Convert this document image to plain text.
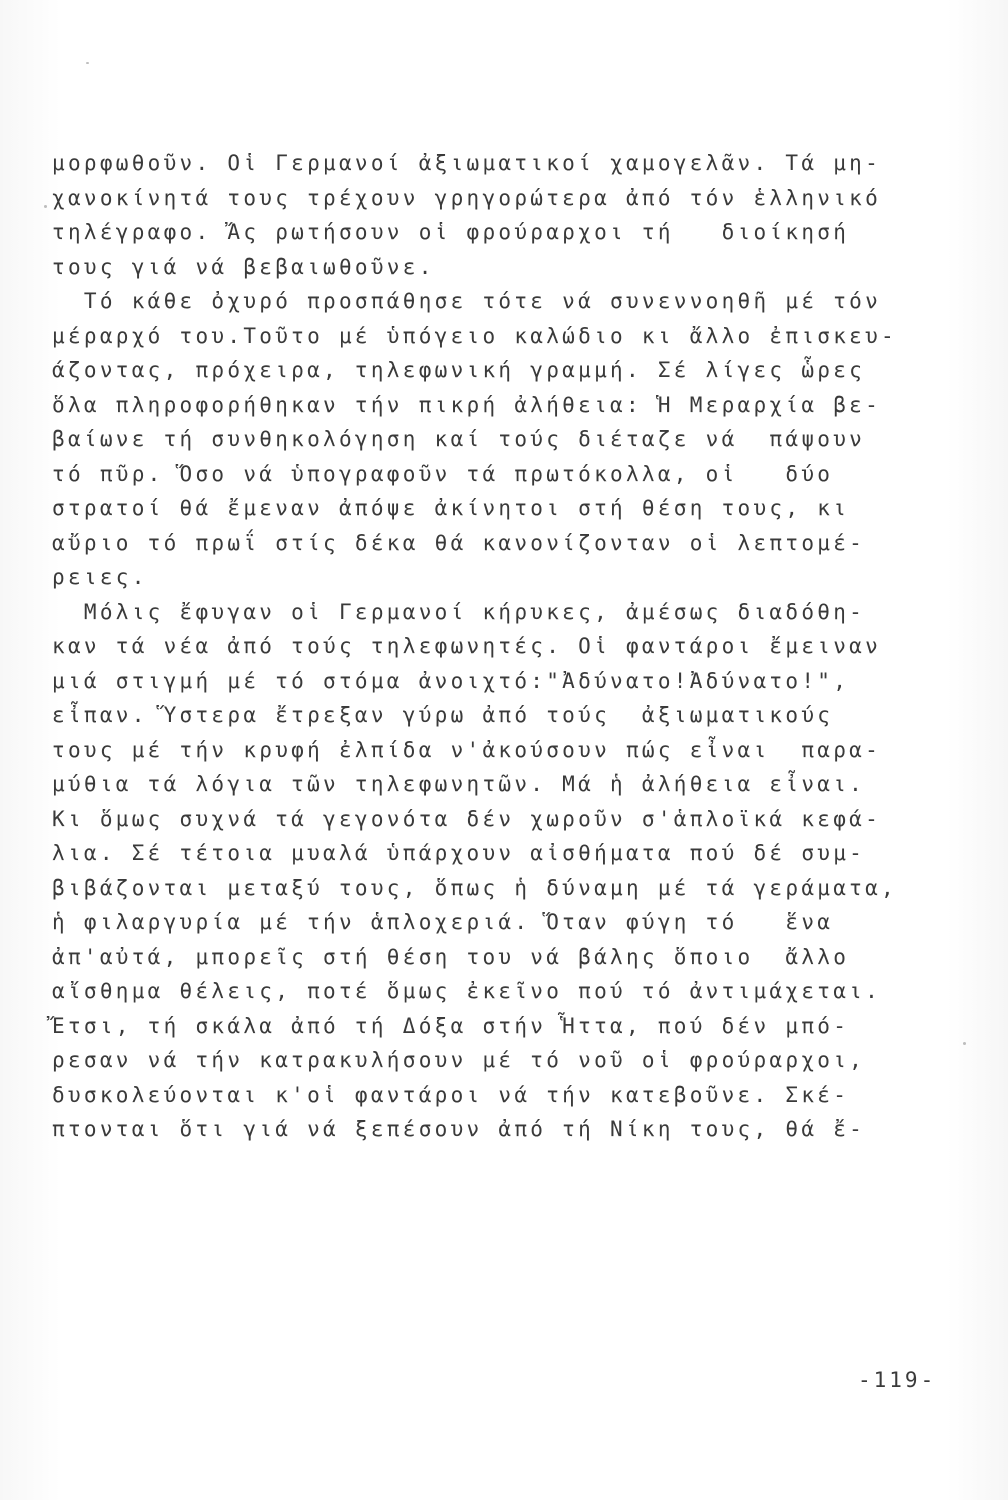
μορφωθοῦν. Οἱ Γερμανοί ἀξιωματικοί χαμογελᾶν. Τά μη-
χανοκίνητά τους τρέχουν γρηγορώτερα ἀπό τόν ἑλληνικό
τηλέγραφο. Ἄς ρωτήσουν οἱ φρούραρχοι τή   διοίκησή
τους γιά νά βεβαιωθοῦνε.
Τό κάθε ὀχυρό προσπάθησε τότε νά συνεννοηθῆ μέ τόν
μέραρχό του.Τοῦτο μέ ὑπόγειο καλώδιο κι ἄλλο ἐπισκευ-
άζοντας, πρόχειρα, τηλεφωνική γραμμή. Σέ λίγες ὧρες
ὅλα πληροφορήθηκαν τήν πικρή ἀλήθεια: Ἡ Μεραρχία βε-
βαίωνε τή συνθηκολόγηση καί τούς διέταζε νά  πάψουν
τό πῦρ. Ὅσο νά ὑπογραφοῦν τά πρωτόκολλα, οἱ   δύο
στρατοί θά ἔμεναν ἀπόψε ἀκίνητοι στή θέση τους, κι
αὔριο τό πρωΐ στίς δέκα θά κανονίζονταν οἱ λεπτομέ-
ρειες.
Μόλις ἔφυγαν οἱ Γερμανοί κήρυκες, ἀμέσως διαδόθη-
καν τά νέα ἀπό τούς τηλεφωνητές. Οἱ φαντάροι ἔμειναν
μιά στιγμή μέ τό στόμα ἀνοιχτό:"Ἀδύνατο!Ἀδύνατο!",
εἶπαν. Ὕστερα ἔτρεξαν γύρω ἀπό τούς  ἀξιωματικούς
τους μέ τήν κρυφή ἐλπίδα ν'ἀκούσουν πώς εἶναι  παρα-
μύθια τά λόγια τῶν τηλεφωνητῶν. Μά ἡ ἀλήθεια εἶναι.
Κι ὅμως συχνά τά γεγονότα δέν χωροῦν σ'ἁπλοϊκά κεφά-
λια. Σέ τέτοια μυαλά ὑπάρχουν αἰσθήματα πού δέ συμ-
βιβάζονται μεταξύ τους, ὅπως ἡ δύναμη μέ τά γεράματα,
ἡ φιλαργυρία μέ τήν ἁπλοχεριά. Ὅταν φύγη τό   ἕνα
ἀπ'αὐτά, μπορεῖς στή θέση του νά βάλης ὅποιο  ἄλλο
αἴσθημα θέλεις, ποτέ ὅμως ἐκεῖνο πού τό ἀντιμάχεται.
Ἔτσι, τή σκάλα ἀπό τή Δόξα στήν Ἧττα, πού δέν μπό-
ρεσαν νά τήν κατρακυλήσουν μέ τό νοῦ οἱ φρούραρχοι,
δυσκολεύονται κ'οἱ φαντάροι νά τήν κατεβοῦνε. Σκέ-
πτονται ὅτι γιά νά ξεπέσουν ἀπό τή Νίκη τους, θά ἔ-
-119-
